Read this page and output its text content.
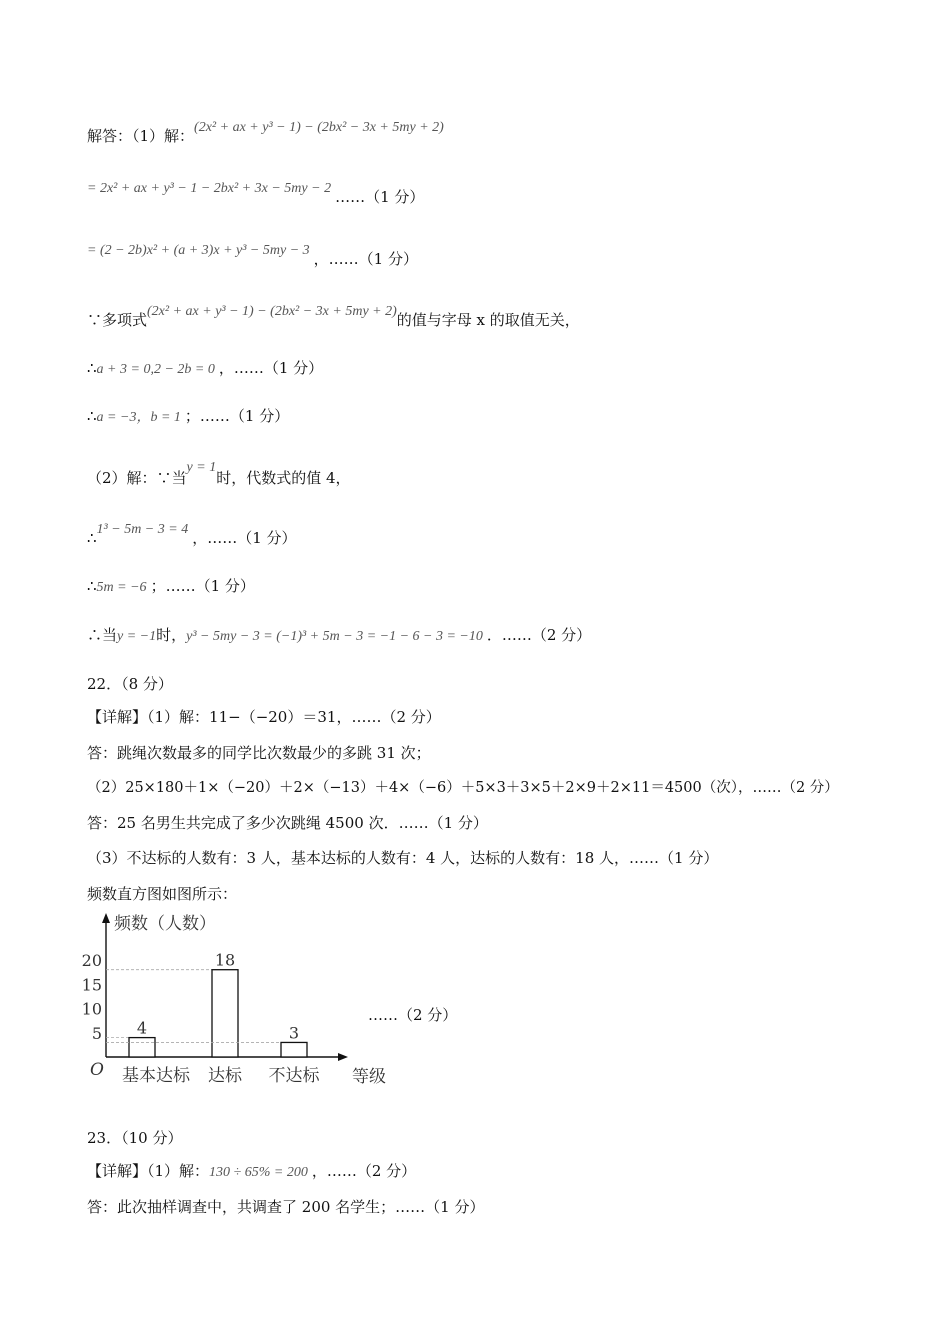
解答：（1）解：(2x² + ax + y³ − 1) − (2bx² − 3x + 5my + 2)
= 2x² + ax + y³ − 1 − 2bx² + 3x − 5my − 2 ……（1 分）
= (2 − 2b)x² + (a + 3)x + y³ − 5my − 3 ，……（1 分）
∵多项式(2x² + ax + y³ − 1) − (2bx² − 3x + 5my + 2)的值与字母 x 的取值无关，
∴a + 3 = 0,2 − 2b = 0 ，……（1 分）
∴a = −3，b = 1 ；……（1 分）
（2）解：∵当y = 1时，代数式的值 4，
∴1³ − 5m − 3 = 4 ，……（1 分）
∴5m = −6 ；……（1 分）
∴当y = −1时，y³ − 5my − 3 = (−1)³ + 5m − 3 = −1 − 6 − 3 = −10 ．……（2 分）
22．（8 分）
【详解】（1）解：11−（−20）＝31，……（2 分）
答：跳绳次数最多的同学比次数最少的多跳 31 次；
（2）25×180＋1×（−20）＋2×（−13）＋4×（−6）＋5×3＋3×5＋2×9＋2×11＝4500（次），……（2 分）
答：25 名男生共完成了多少次跳绳 4500 次．……（1 分）
（3）不达标的人数有：3 人，基本达标的人数有：4 人，达标的人数有：18 人，……（1 分）
频数直方图如图所示：
频数（人数）
等级
O
5
10
15
20
4
基本达标
18
达标
3
不达标
……（2 分）
23．（10 分）
【详解】（1）解：130 ÷ 65% = 200 ，……（2 分）
答：此次抽样调查中，共调查了 200 名学生；……（1 分）
